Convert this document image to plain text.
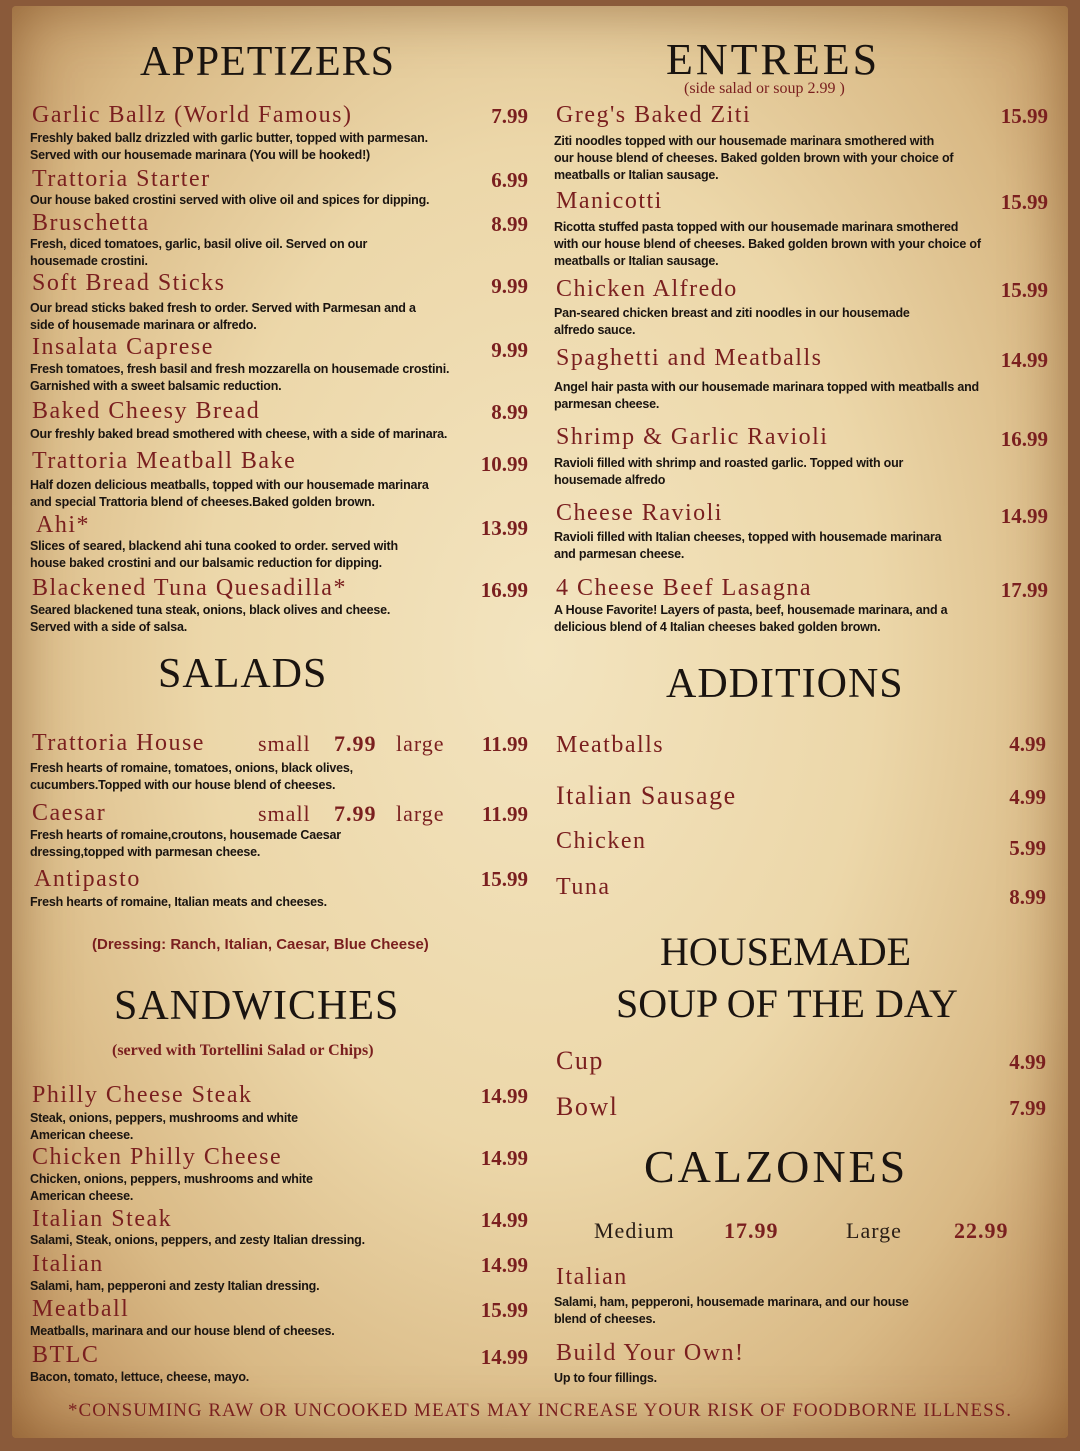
APPETIZERS
Garlic Ballz (World Famous)	7.99
Freshly baked ballz drizzled with garlic butter, topped with parmesan. Served with our housemade marinara (You will be hooked!)
Trattoria Starter	6.99
Our house baked crostini served with olive oil and spices for dipping.
Bruschetta	8.99
Fresh, diced tomatoes, garlic, basil olive oil. Served on our housemade crostini.
Soft Bread Sticks	9.99
Our bread sticks baked fresh to order. Served with Parmesan and a side of housemade marinara or alfredo.
Insalata Caprese	9.99
Fresh tomatoes, fresh basil and fresh mozzarella on housemade crostini. Garnished with a sweet balsamic reduction.
Baked Cheesy Bread	8.99
Our freshly baked bread smothered with cheese, with a side of marinara.
Trattoria Meatball Bake	10.99
Half dozen delicious meatballs, topped with our housemade marinara and special Trattoria blend of cheeses.Baked golden brown.
Ahi*	13.99
Slices of seared, blackend ahi tuna cooked to order. served with house baked crostini and our balsamic reduction for dipping.
Blackened Tuna Quesadilla*	16.99
Seared blackened tuna steak, onions, black olives and cheese. Served with a side of salsa.
SALADS
Trattoria House small 7.99 large	11.99
Fresh hearts of romaine, tomatoes, onions, black olives, cucumbers.Topped with our house blend of cheeses.
Caesar	small 7.99 large	11.99
Fresh hearts of romaine,croutons, housemade Caesar dressing,topped with parmesan cheese.
Antipasto	15.99
Fresh hearts of romaine, Italian meats and cheeses.
(Dressing: Ranch, Italian, Caesar, Blue Cheese)
SANDWICHES
(served with Tortellini Salad or Chips)
Philly Cheese Steak	14.99
Steak, onions, peppers, mushrooms and white American cheese.
Chicken Philly Cheese	14.99
Chicken, onions, peppers, mushrooms and white American cheese.
Italian Steak	14.99
Salami, Steak, onions, peppers, and zesty Italian dressing.
Italian	14.99
Salami, ham, pepperoni and zesty Italian dressing.
Meatball	15.99
Meatballs, marinara and our house blend of cheeses.
BTLC	14.99
Bacon, tomato, lettuce, cheese, mayo.
ENTREES
(side salad or soup 2.99 )
Greg's Baked Ziti	15.99
Ziti noodles topped with our housemade marinara smothered with our house blend of cheeses. Baked golden brown with your choice of meatballs or Italian sausage.
Manicotti	15.99
Ricotta stuffed pasta topped with our housemade marinara smothered with our house blend of cheeses. Baked golden brown with your choice of meatballs or Italian sausage.
Chicken Alfredo	15.99
Pan-seared chicken breast and ziti noodles in our housemade alfredo sauce.
Spaghetti and Meatballs	14.99
Angel hair pasta with our housemade marinara topped with meatballs and parmesan cheese.
Shrimp & Garlic Ravioli	16.99
Ravioli filled with shrimp and roasted garlic. Topped with our housemade alfredo
Cheese Ravioli	14.99
Ravioli filled with Italian cheeses, topped with housemade marinara and parmesan cheese.
4 Cheese Beef Lasagna	17.99
A House Favorite! Layers of pasta, beef, housemade marinara, and a delicious blend of 4 Italian cheeses baked golden brown.
ADDITIONS
Meatballs	4.99
Italian Sausage	4.99
Chicken	5.99
Tuna	8.99
HOUSEMADE
SOUP OF THE DAY
Cup	4.99
Bowl	7.99
CALZONES
Medium 17.99	Large 22.99
Italian
Salami, ham, pepperoni, housemade marinara, and our house blend of cheeses.
Build Your Own!
Up to four fillings.
*CONSUMING RAW OR UNCOOKED MEATS MAY INCREASE YOUR RISK OF FOODBORNE ILLNESS.
